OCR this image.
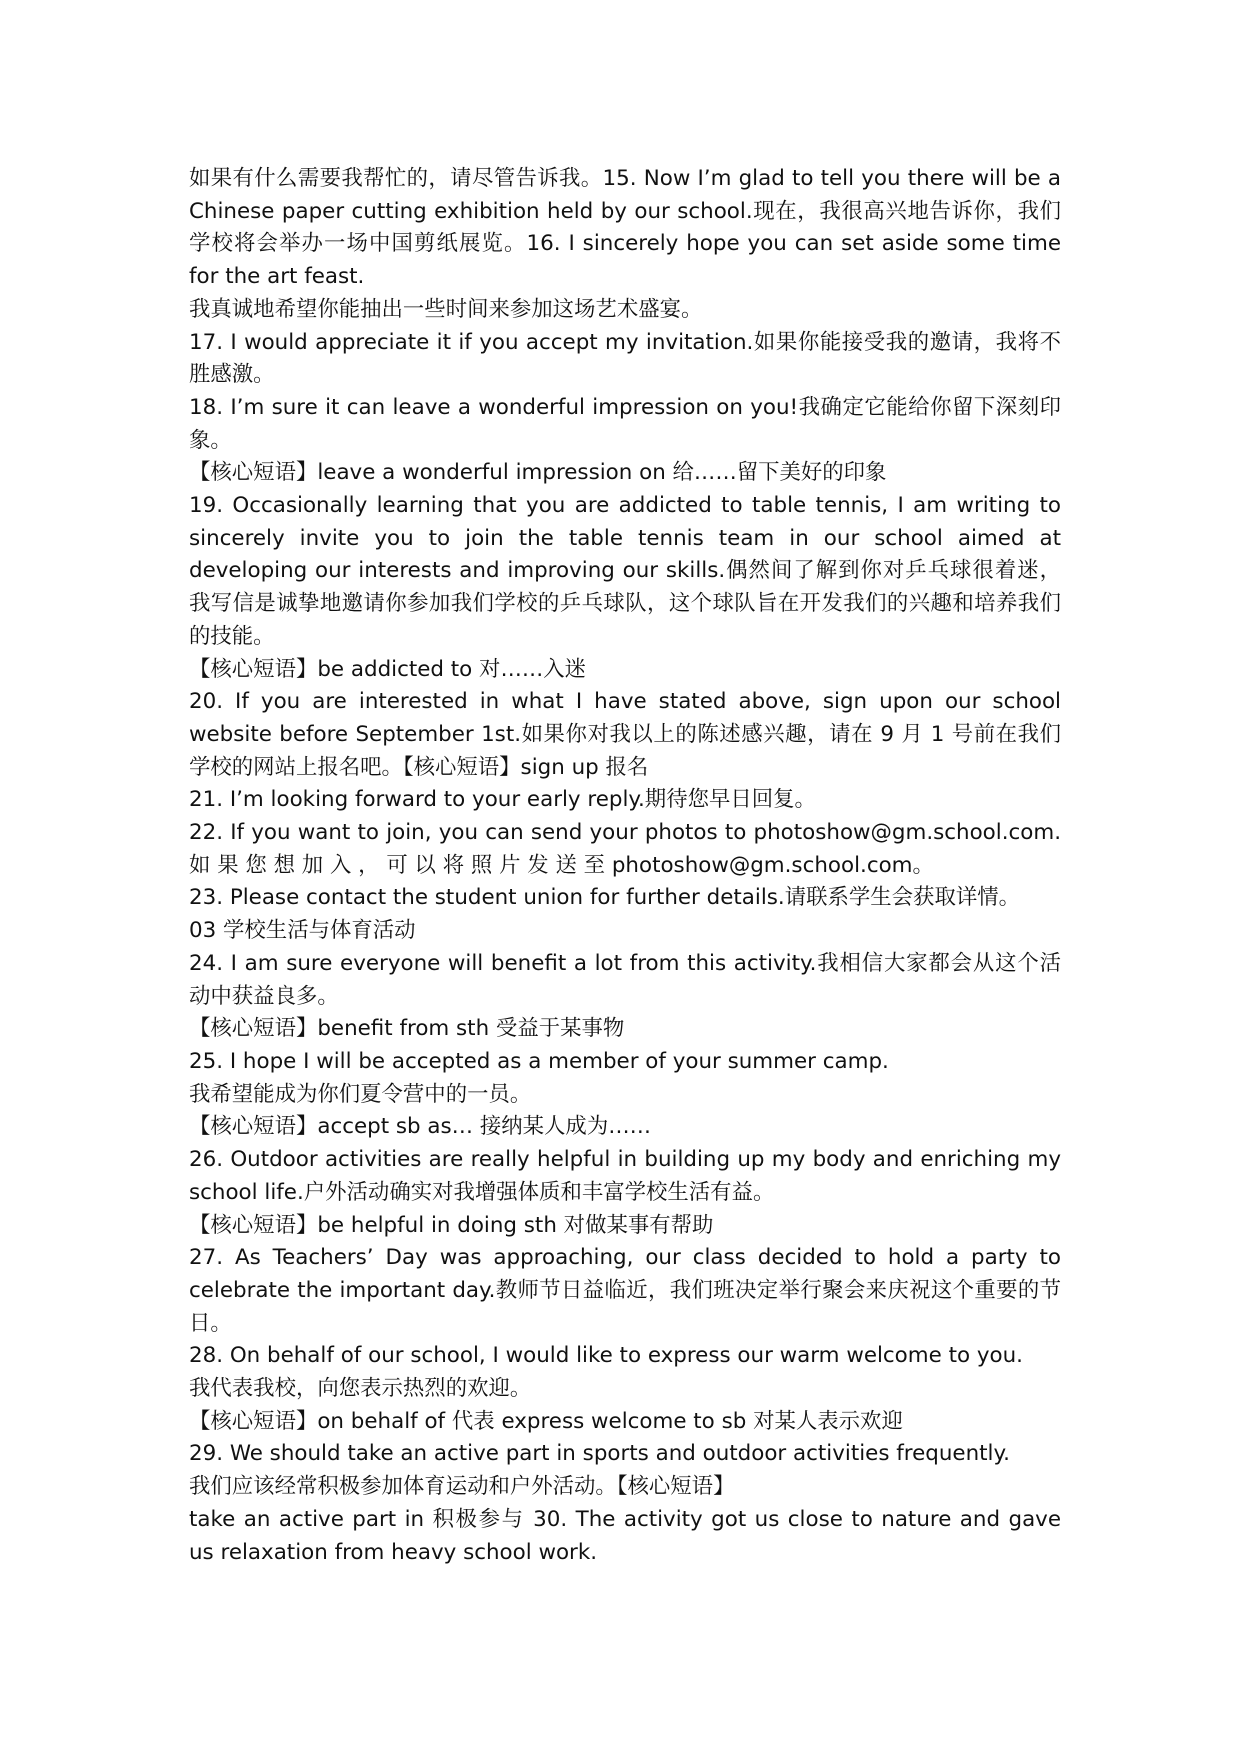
如果有什么需要我帮忙的，请尽管告诉我。15. Now I’m glad to tell you there will be a Chinese paper cutting exhibition held by our school.现在，我很高兴地告诉你，我们学校将会举办一场中国剪纸展览。16. I sincerely hope you can set aside some time for the art feast.

我真诚地希望你能抽出一些时间来参加这场艺术盛宴。

17. I would appreciate it if you accept my invitation.如果你能接受我的邀请，我将不胜感激。

18. I’m sure it can leave a wonderful impression on you!我确定它能给你留下深刻印象。

【核心短语】leave a wonderful impression on 给……留下美好的印象

19. Occasionally learning that you are addicted to table tennis, I am writing to sincerely invite you to join the table tennis team in our school aimed at developing our interests and improving our skills.偶然间了解到你对乒乓球很着迷，我写信是诚挚地邀请你参加我们学校的乒乓球队，这个球队旨在开发我们的兴趣和培养我们的技能。

【核心短语】be addicted to 对……入迷

20. If you are interested in what I have stated above, sign upon our school website before September 1st.如果你对我以上的陈述感兴趣，请在 9 月 1 号前在我们学校的网站上报名吧。【核心短语】sign up 报名

21. I’m looking forward to your early reply.期待您早日回复。

22. If you want to join, you can send your photos to photoshow@gm.school.com. 如 果 您 想 加 入 ， 可 以 将 照 片 发 送 至 photoshow@gm.school.com。

23. Please contact the student union for further details.请联系学生会获取详情。

03 学校生活与体育活动

24. I am sure everyone will benefit a lot from this activity.我相信大家都会从这个活动中获益良多。

【核心短语】benefit from sth 受益于某事物

25. I hope I will be accepted as a member of your summer camp.

我希望能成为你们夏令营中的一员。

【核心短语】accept sb as… 接纳某人成为……

26. Outdoor activities are really helpful in building up my body and enriching my school life.户外活动确实对我增强体质和丰富学校生活有益。

【核心短语】be helpful in doing sth 对做某事有帮助

27. As Teachers’ Day was approaching, our class decided to hold a party to celebrate the important day.教师节日益临近，我们班决定举行聚会来庆祝这个重要的节日。

28. On behalf of our school, I would like to express our warm welcome to you.

我代表我校，向您表示热烈的欢迎。

【核心短语】on behalf of 代表 express welcome to sb 对某人表示欢迎

29. We should take an active part in sports and outdoor activities frequently.

我们应该经常积极参加体育运动和户外活动。【核心短语】

take an active part in 积极参与 30. The activity got us close to nature and gave us relaxation from heavy school work.
